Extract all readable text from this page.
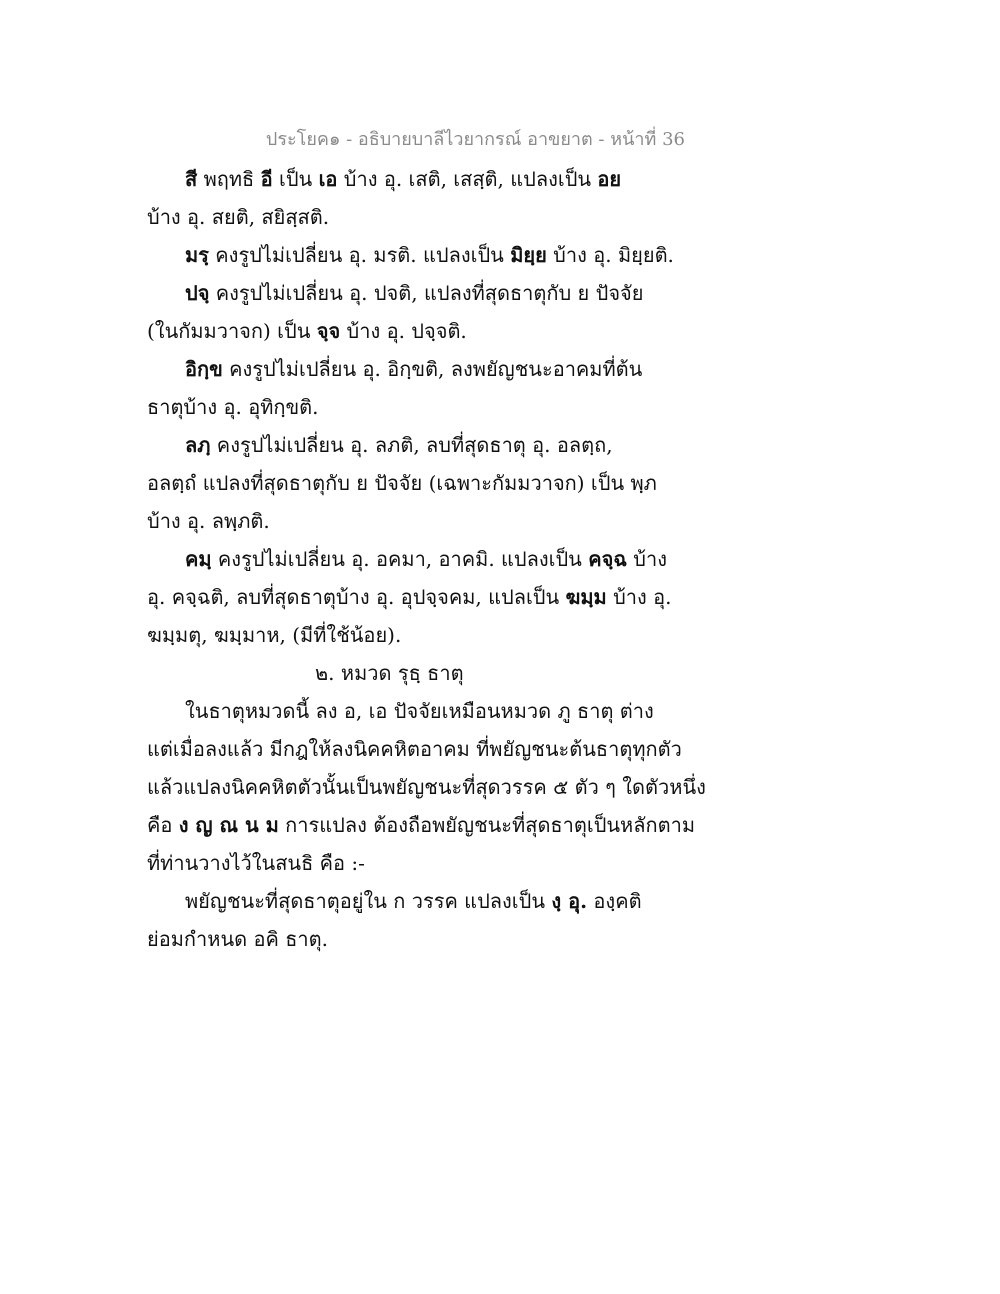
ประโยค๑ - อธิบายบาลีไวยากรณ์ อาขยาต - หน้าที่ 36
สี พฤทธิ อี เป็น เอ บ้าง อุ. เสติ, เสสฺติ, แปลงเป็น อย
บ้าง อุ. สยติ, สยิสฺสติ.
มรฺ คงรูปไม่เปลี่ยน อุ. มรติ. แปลงเป็น มิยฺย บ้าง อุ. มิยฺยติ.
ปจฺ คงรูปไม่เปลี่ยน อุ. ปจติ, แปลงที่สุดธาตุกับ ย ปัจจัย
(ในกัมมวาจก) เป็น จฺจ บ้าง อุ. ปจฺจติ.
อิกฺข คงรูปไม่เปลี่ยน อุ. อิกฺขติ, ลงพยัญชนะอาคมที่ต้น
ธาตุบ้าง อุ. อุทิกฺขติ.
ลภฺ คงรูปไม่เปลี่ยน อุ. ลภติ, ลบที่สุดธาตุ อุ. อลตฺถ,
อลตฺถํ แปลงที่สุดธาตุกับ ย ปัจจัย (เฉพาะกัมมวาจก) เป็น พฺภ
บ้าง อุ. ลพฺภติ.
คมฺ คงรูปไม่เปลี่ยน อุ. อคมา, อาคมิ. แปลงเป็น คจฺฉ บ้าง
อุ. คจฺฉติ, ลบที่สุดธาตุบ้าง อุ. อุปจฺจคม, แปลเป็น ฆมฺม บ้าง อุ.
ฆมฺมตุ, ฆมฺมาห, (มีที่ใช้น้อย).
๒. หมวด รุธฺ ธาตุ
ในธาตุหมวดนี้ ลง อ, เอ ปัจจัยเหมือนหมวด ภู ธาตุ ต่าง
แต่เมื่อลงแล้ว มีกฎให้ลงนิคคหิตอาคม ที่พยัญชนะต้นธาตุทุกตัว
แล้วแปลงนิคคหิตตัวนั้นเป็นพยัญชนะที่สุดวรรค ๕ ตัว ๆ ใดตัวหนึ่ง
คือ ง ญ ณ น ม การแปลง ต้องถือพยัญชนะที่สุดธาตุเป็นหลักตาม
ที่ท่านวางไว้ในสนธิ คือ :-
พยัญชนะที่สุดธาตุอยู่ใน ก วรรค แปลงเป็น งฺ อุ. องฺคติ
ย่อมกำหนด อคิ ธาตุ.
